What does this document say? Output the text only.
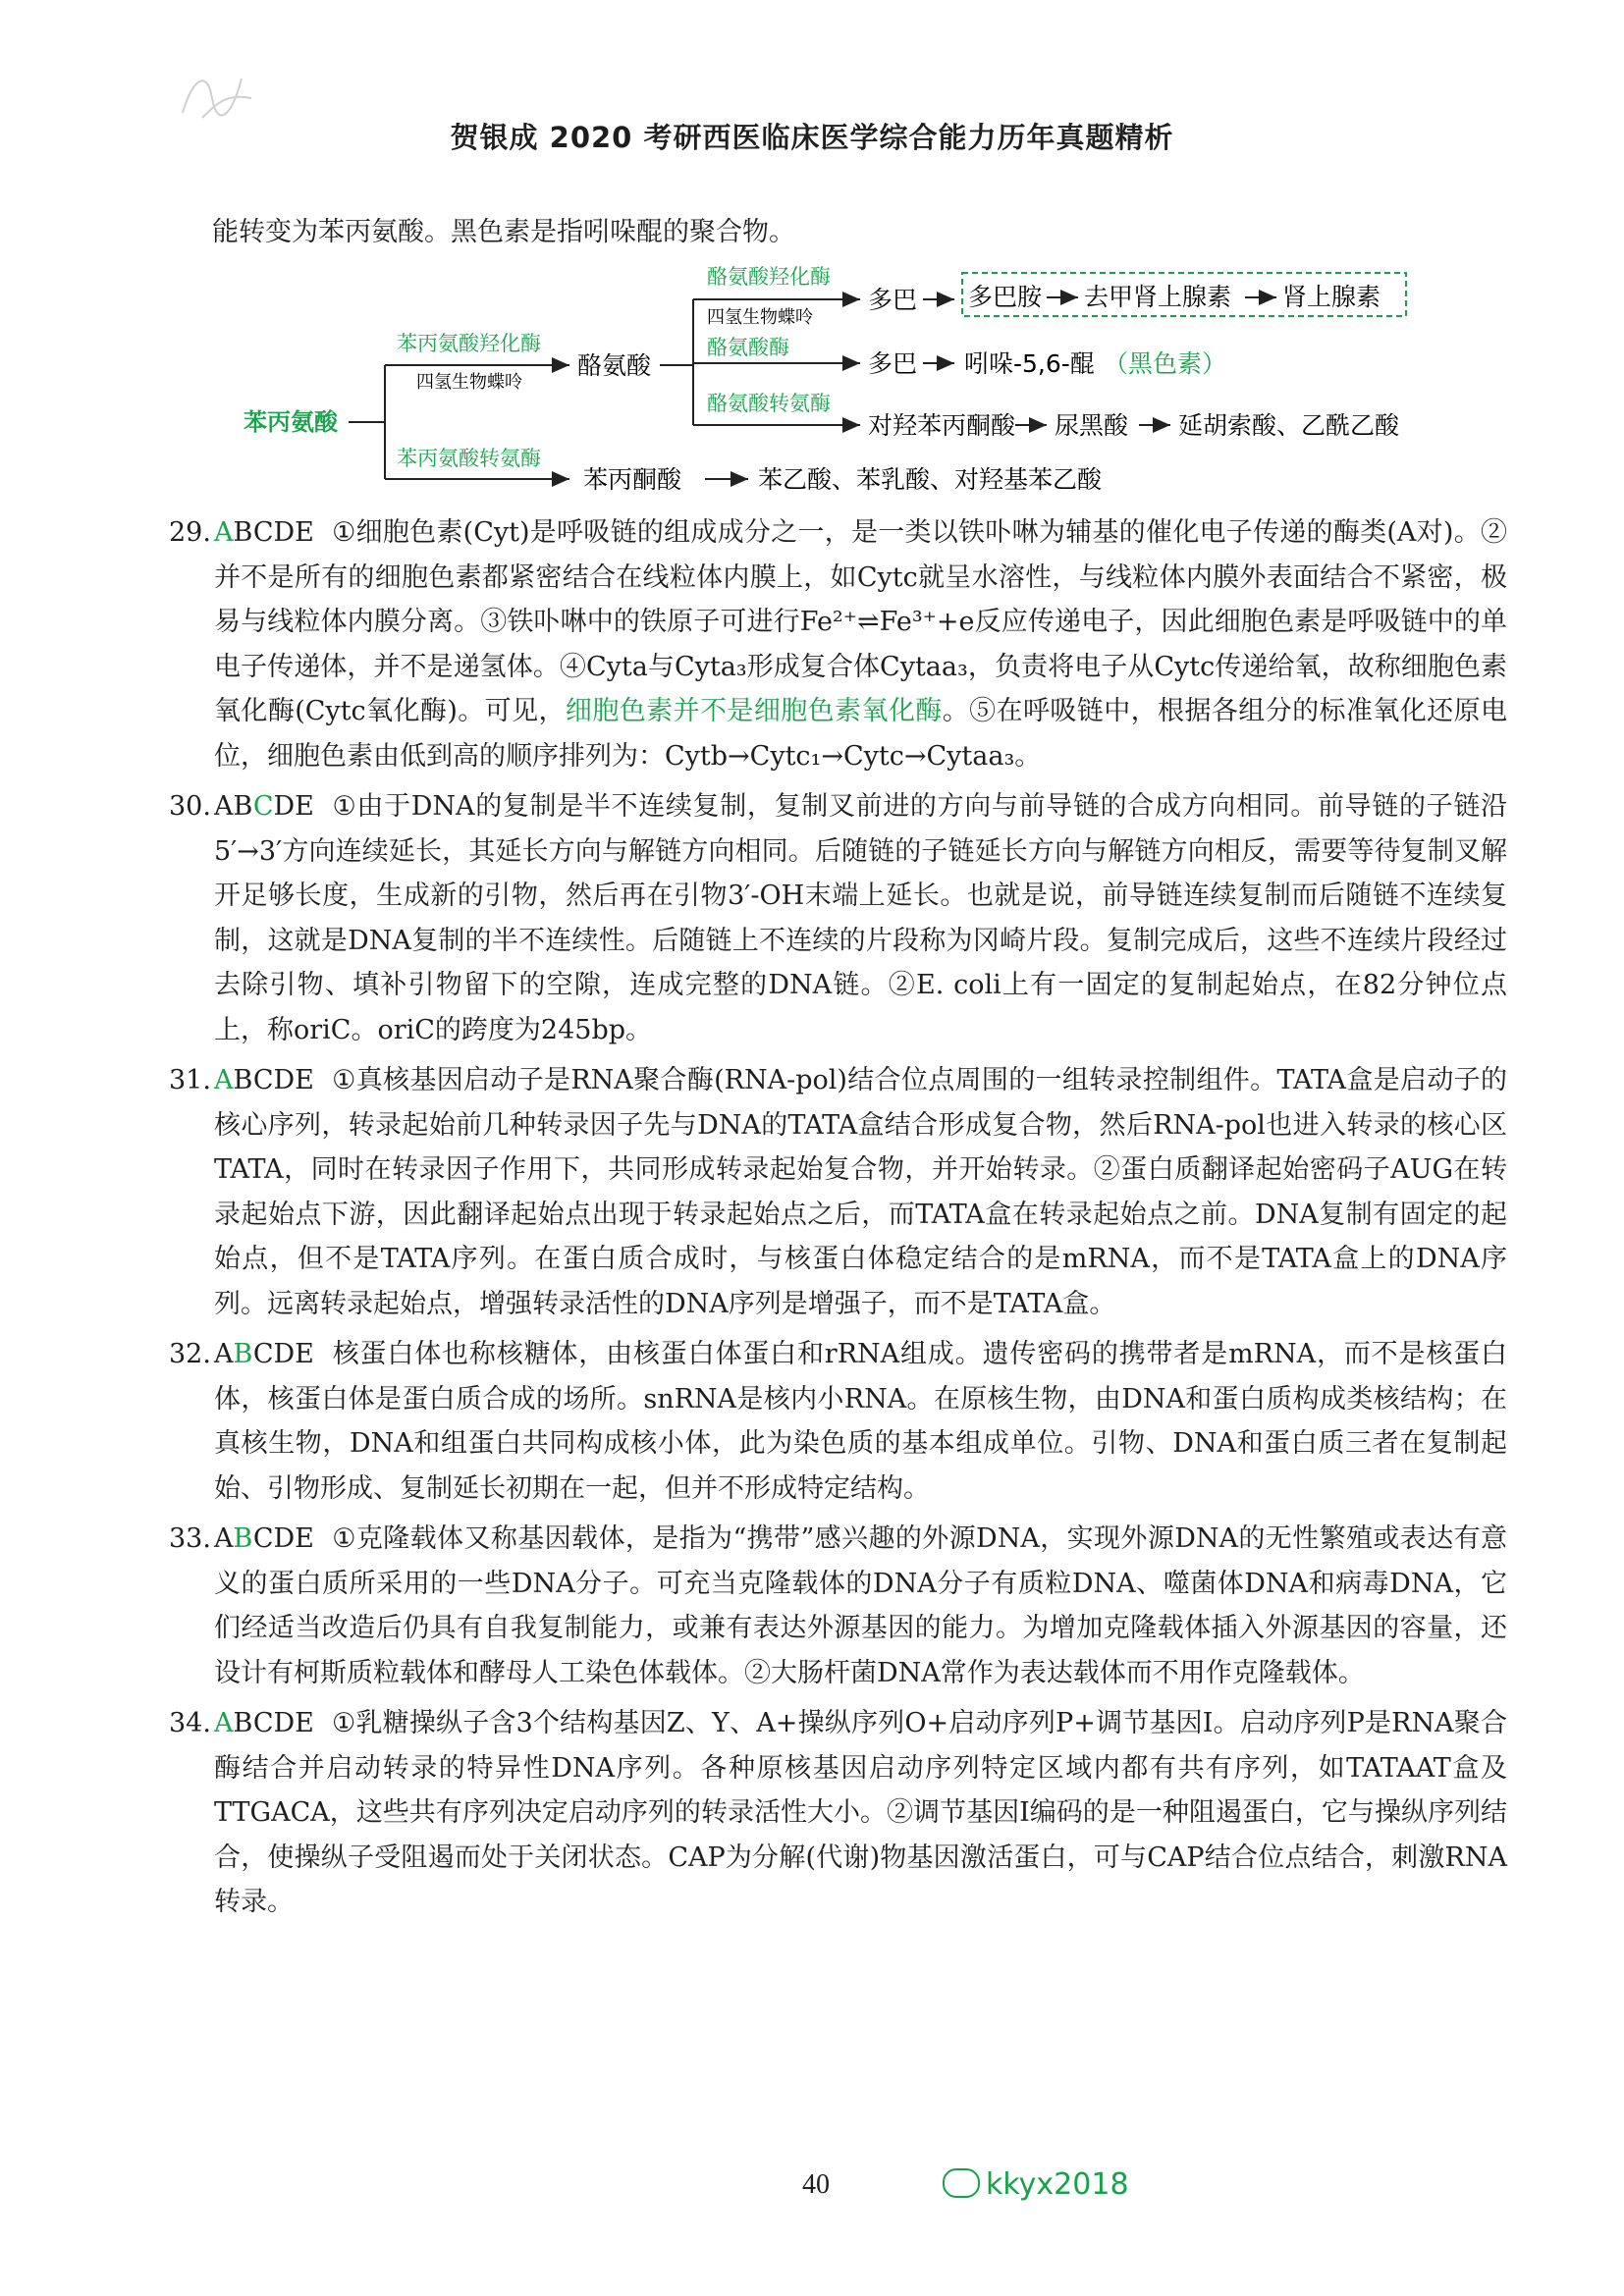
贺银成 2020 考研西医临床医学综合能力历年真题精析
能转变为苯丙氨酸。黑色素是指吲哚醌的聚合物。
苯丙氨酸
苯丙氨酸羟化酶
四氢生物蝶呤
酪氨酸
苯丙氨酸转氨酶
苯丙酮酸	苯乙酸、苯乳酸、对羟基苯乙酸
酪氨酸羟化酶
四氢生物蝶呤
多巴 多巴胺 去甲肾上腺素 肾上腺素
酪氨酸酶
多巴 吲哚-5,6-醌 （黑色素）
酪氨酸转氨酶
对羟苯丙酮酸 尿黑酸 延胡索酸、乙酰乙酸
29. ABCDE ①细胞色素(Cyt)是呼吸链的组成成分之一，是一类以铁卟啉为辅基的催化电子传递的酶类(A对)。②并不是所有的细胞色素都紧密结合在线粒体内膜上，如Cytc就呈水溶性，与线粒体内膜外表面结合不紧密，极易与线粒体内膜分离。③铁卟啉中的铁原子可进行Fe²⁺⇌Fe³⁺+e反应传递电子，因此细胞色素是呼吸链中的单电子传递体，并不是递氢体。④Cyta与Cyta₃形成复合体Cytaa₃，负责将电子从Cytc传递给氧，故称细胞色素氧化酶(Cytc氧化酶)。可见，细胞色素并不是细胞色素氧化酶。⑤在呼吸链中，根据各组分的标准氧化还原电位，细胞色素由低到高的顺序排列为：Cytb→Cytc₁→Cytc→Cytaa₃。
30. ABCDE ①由于DNA的复制是半不连续复制，复制叉前进的方向与前导链的合成方向相同。前导链的子链沿5′→3′方向连续延长，其延长方向与解链方向相同。后随链的子链延长方向与解链方向相反，需要等待复制叉解开足够长度，生成新的引物，然后再在引物3′-OH末端上延长。也就是说，前导链连续复制而后随链不连续复制，这就是DNA复制的半不连续性。后随链上不连续的片段称为冈崎片段。复制完成后，这些不连续片段经过去除引物、填补引物留下的空隙，连成完整的DNA链。②E. coli上有一固定的复制起始点，在82分钟位点上，称oriC。oriC的跨度为245bp。
31. ABCDE ①真核基因启动子是RNA聚合酶(RNA-pol)结合位点周围的一组转录控制组件。TATA盒是启动子的核心序列，转录起始前几种转录因子先与DNA的TATA盒结合形成复合物，然后RNA-pol也进入转录的核心区TATA，同时在转录因子作用下，共同形成转录起始复合物，并开始转录。②蛋白质翻译起始密码子AUG在转录起始点下游，因此翻译起始点出现于转录起始点之后，而TATA盒在转录起始点之前。DNA复制有固定的起始点，但不是TATA序列。在蛋白质合成时，与核蛋白体稳定结合的是mRNA，而不是TATA盒上的DNA序列。远离转录起始点，增强转录活性的DNA序列是增强子，而不是TATA盒。
32. ABCDE 核蛋白体也称核糖体，由核蛋白体蛋白和rRNA组成。遗传密码的携带者是mRNA，而不是核蛋白体，核蛋白体是蛋白质合成的场所。snRNA是核内小RNA。在原核生物，由DNA和蛋白质构成类核结构；在真核生物，DNA和组蛋白共同构成核小体，此为染色质的基本组成单位。引物、DNA和蛋白质三者在复制起始、引物形成、复制延长初期在一起，但并不形成特定结构。
33. ABCDE ①克隆载体又称基因载体，是指为“携带”感兴趣的外源DNA，实现外源DNA的无性繁殖或表达有意义的蛋白质所采用的一些DNA分子。可充当克隆载体的DNA分子有质粒DNA、噬菌体DNA和病毒DNA，它们经适当改造后仍具有自我复制能力，或兼有表达外源基因的能力。为增加克隆载体插入外源基因的容量，还设计有柯斯质粒载体和酵母人工染色体载体。②大肠杆菌DNA常作为表达载体而不用作克隆载体。
34. ABCDE ①乳糖操纵子含3个结构基因Z、Y、A+操纵序列O+启动序列P+调节基因I。启动序列P是RNA聚合酶结合并启动转录的特异性DNA序列。各种原核基因启动序列特定区域内都有共有序列，如TATAAT盒及TTGACA，这些共有序列决定启动序列的转录活性大小。②调节基因I编码的是一种阻遏蛋白，它与操纵序列结合，使操纵子受阻遏而处于关闭状态。CAP为分解(代谢)物基因激活蛋白，可与CAP结合位点结合，刺激RNA转录。
40	kkyx2018
